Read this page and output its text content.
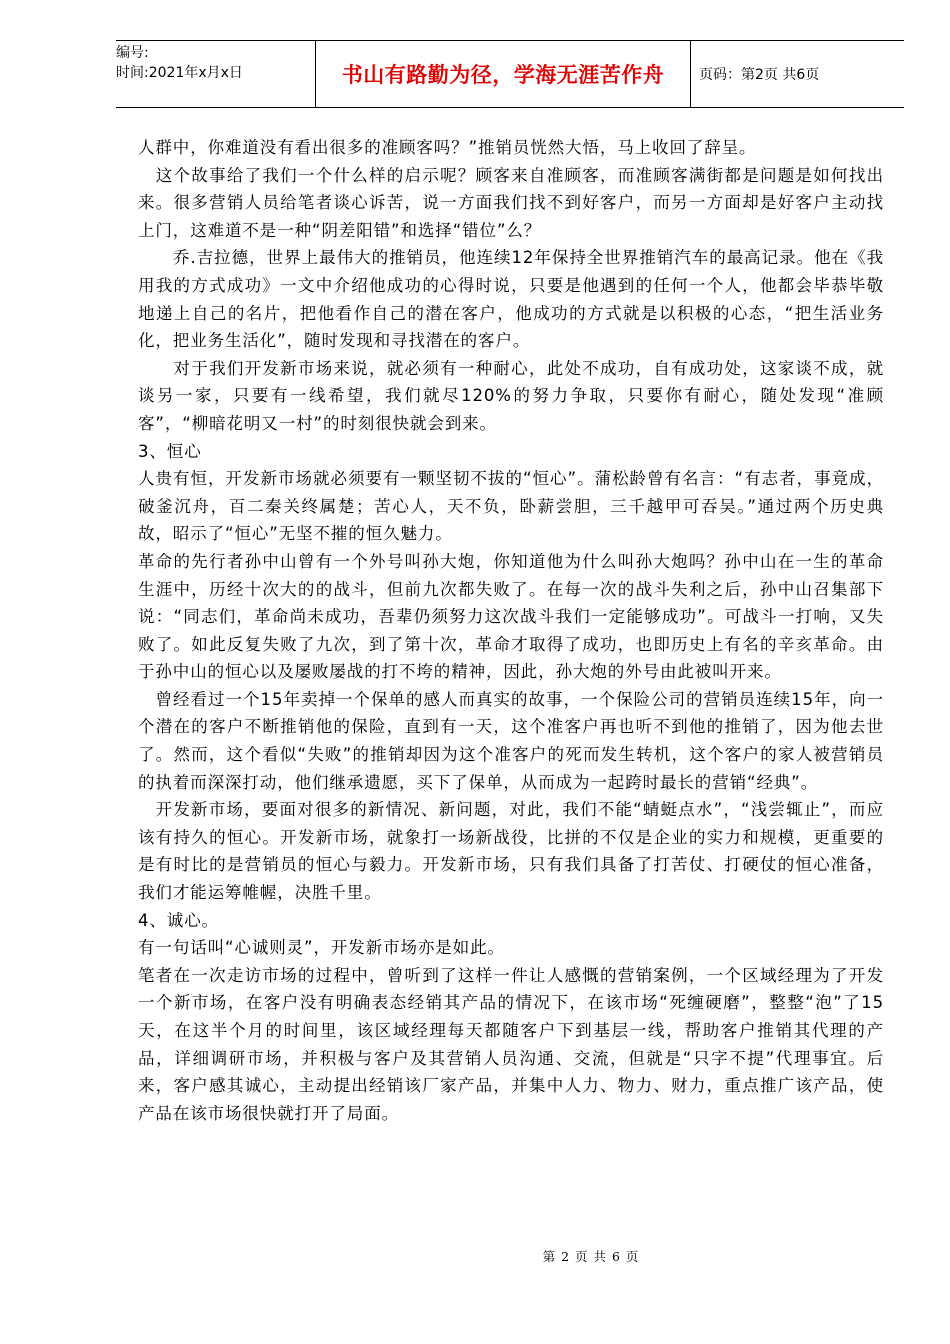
编号:
时间:2021年x月x日	书山有路勤为径，学海无涯苦作舟	页码：第2页 共6页

人群中，你难道没有看出很多的准顾客吗？”推销员恍然大悟，马上收回了辞呈。

　这个故事给了我们一个什么样的启示呢？顾客来自准顾客，而准顾客满街都是问题是如何找出来。很多营销人员给笔者谈心诉苦，说一方面我们找不到好客户，而另一方面却是好客户主动找上门，这难道不是一种“阴差阳错”和选择“错位”么？

　　乔.吉拉德，世界上最伟大的推销员，他连续12年保持全世界推销汽车的最高记录。他在《我用我的方式成功》一文中介绍他成功的心得时说，只要是他遇到的任何一个人，他都会毕恭毕敬地递上自己的名片，把他看作自己的潜在客户，他成功的方式就是以积极的心态，“把生活业务化，把业务生活化”，随时发现和寻找潜在的客户。

　　对于我们开发新市场来说，就必须有一种耐心，此处不成功，自有成功处，这家谈不成，就谈另一家，只要有一线希望，我们就尽120%的努力争取，只要你有耐心，随处发现“准顾客”，“柳暗花明又一村”的时刻很快就会到来。

3、恒心

人贵有恒，开发新市场就必须要有一颗坚韧不拔的“恒心”。蒲松龄曾有名言：“有志者，事竟成，破釜沉舟，百二秦关终属楚；苦心人，天不负，卧薪尝胆，三千越甲可吞吴。”通过两个历史典故，昭示了“恒心”无坚不摧的恒久魅力。

革命的先行者孙中山曾有一个外号叫孙大炮，你知道他为什么叫孙大炮吗？孙中山在一生的革命生涯中，历经十次大的的战斗，但前九次都失败了。在每一次的战斗失利之后，孙中山召集部下说：“同志们，革命尚未成功，吾辈仍须努力这次战斗我们一定能够成功”。可战斗一打响，又失败了。如此反复失败了九次，到了第十次，革命才取得了成功，也即历史上有名的辛亥革命。由于孙中山的恒心以及屡败屡战的打不垮的精神，因此，孙大炮的外号由此被叫开来。

　曾经看过一个15年卖掉一个保单的感人而真实的故事，一个保险公司的营销员连续15年，向一个潜在的客户不断推销他的保险，直到有一天，这个准客户再也听不到他的推销了，因为他去世了。然而，这个看似“失败”的推销却因为这个准客户的死而发生转机，这个客户的家人被营销员的执着而深深打动，他们继承遗愿，买下了保单，从而成为一起跨时最长的营销“经典”。

　开发新市场，要面对很多的新情况、新问题，对此，我们不能“蜻蜓点水”，“浅尝辄止”，而应该有持久的恒心。开发新市场，就象打一场新战役，比拼的不仅是企业的实力和规模，更重要的是有时比的是营销员的恒心与毅力。开发新市场，只有我们具备了打苦仗、打硬仗的恒心准备，我们才能运筹帷幄，决胜千里。

4、诚心。

有一句话叫“心诚则灵”，开发新市场亦是如此。

笔者在一次走访市场的过程中，曾听到了这样一件让人感慨的营销案例，一个区域经理为了开发一个新市场，在客户没有明确表态经销其产品的情况下，在该市场“死缠硬磨”，整整“泡”了15天，在这半个月的时间里，该区域经理每天都随客户下到基层一线，帮助客户推销其代理的产品，详细调研市场，并积极与客户及其营销人员沟通、交流，但就是“只字不提”代理事宜。后来，客户感其诚心，主动提出经销该厂家产品，并集中人力、物力、财力，重点推广该产品，使产品在该市场很快就打开了局面。

第 2 页 共 6 页
